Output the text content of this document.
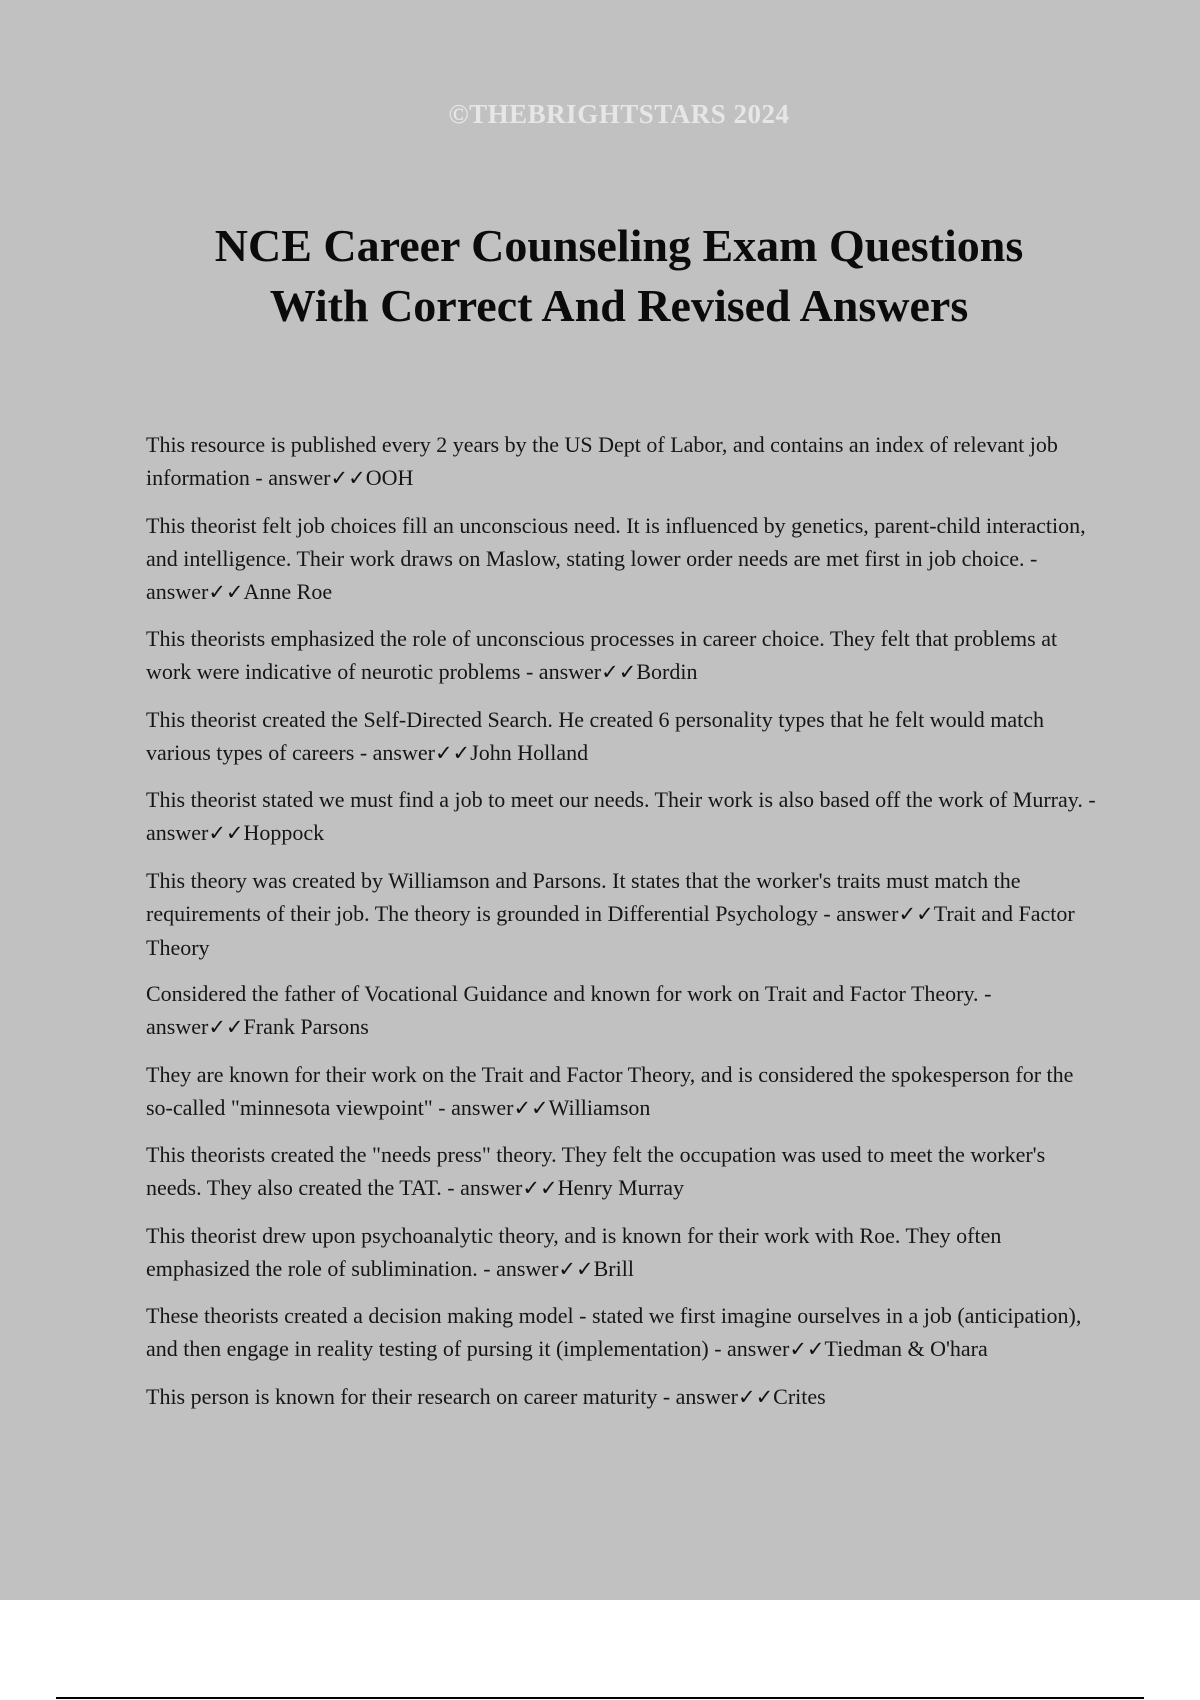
©THEBRIGHTSTARS 2024
NCE Career Counseling Exam Questions
With Correct And Revised Answers
This resource is published every 2 years by the US Dept of Labor, and contains an index of relevant job information - answer✓✓OOH
This theorist felt job choices fill an unconscious need. It is influenced by genetics, parent-child interaction, and intelligence. Their work draws on Maslow, stating lower order needs are met first in job choice. - answer✓✓Anne Roe
This theorists emphasized the role of unconscious processes in career choice. They felt that problems at work were indicative of neurotic problems - answer✓✓Bordin
This theorist created the Self-Directed Search. He created 6 personality types that he felt would match various types of careers - answer✓✓John Holland
This theorist stated we must find a job to meet our needs. Their work is also based off the work of Murray. - answer✓✓Hoppock
This theory was created by Williamson and Parsons. It states that the worker's traits must match the requirements of their job. The theory is grounded in Differential Psychology - answer✓✓Trait and Factor Theory
Considered the father of Vocational Guidance and known for work on Trait and Factor Theory. - answer✓✓Frank Parsons
They are known for their work on the Trait and Factor Theory, and is considered the spokesperson for the so-called "minnesota viewpoint" - answer✓✓Williamson
This theorists created the "needs press" theory. They felt the occupation was used to meet the worker's needs. They also created the TAT. - answer✓✓Henry Murray
This theorist drew upon psychoanalytic theory, and is known for their work with Roe. They often emphasized the role of sublimination. - answer✓✓Brill
These theorists created a decision making model - stated we first imagine ourselves in a job (anticipation), and then engage in reality testing of pursing it (implementation) - answer✓✓Tiedman & O'hara
This person is known for their research on career maturity - answer✓✓Crites
